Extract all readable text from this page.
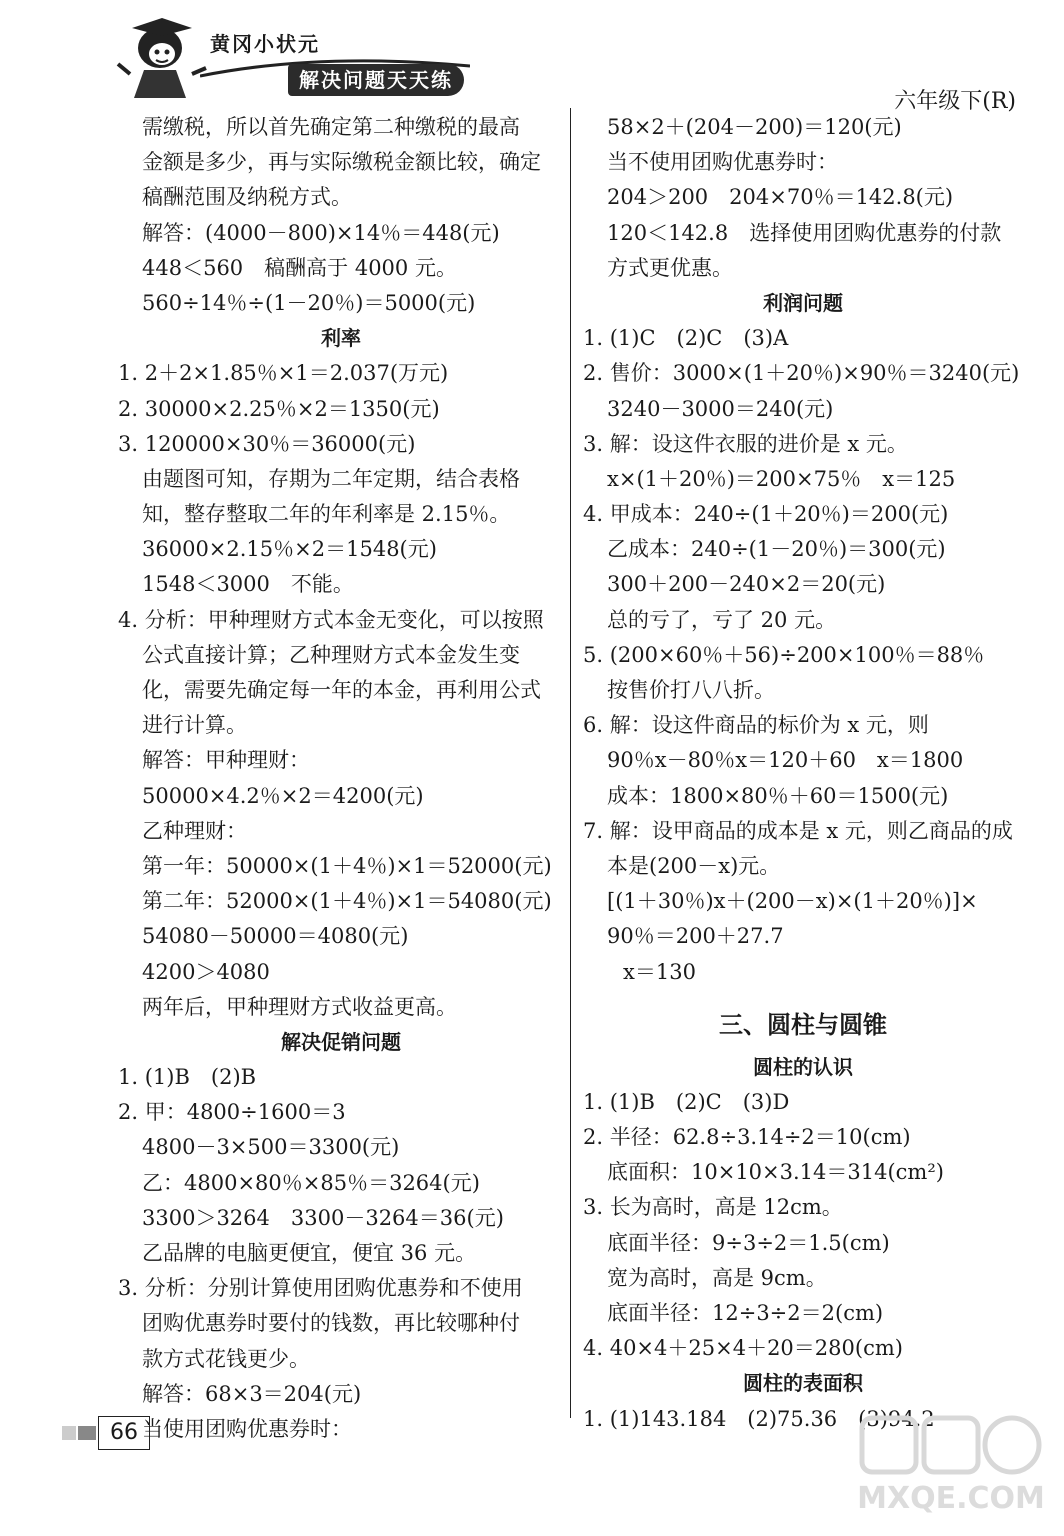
黄冈小状元
解决问题天天练
六年级下(R)
需缴税，所以首先确定第二种缴税的最高
金额是多少，再与实际缴税金额比较，确定
稿酬范围及纳税方式。
解答：(4000－800)×14％＝448(元)
448＜560　稿酬高于 4000 元。
560÷14％÷(1－20％)＝5000(元)
利率
1. 2＋2×1.85％×1＝2.037(万元)
2. 30000×2.25％×2＝1350(元)
3. 120000×30％＝36000(元)
由题图可知，存期为二年定期，结合表格
知，整存整取二年的年利率是 2.15％。
36000×2.15％×2＝1548(元)
1548＜3000　不能。
4. 分析：甲种理财方式本金无变化，可以按照
公式直接计算；乙种理财方式本金发生变
化，需要先确定每一年的本金，再利用公式
进行计算。
解答：甲种理财：
50000×4.2％×2＝4200(元)
乙种理财：
第一年：50000×(1＋4％)×1＝52000(元)
第二年：52000×(1＋4％)×1＝54080(元)
54080－50000＝4080(元)
4200＞4080
两年后，甲种理财方式收益更高。
解决促销问题
1. (1)B　(2)B
2. 甲：4800÷1600＝3
4800－3×500＝3300(元)
乙：4800×80％×85％＝3264(元)
3300＞3264　3300－3264＝36(元)
乙品牌的电脑更便宜，便宜 36 元。
3. 分析：分别计算使用团购优惠券和不使用
团购优惠券时要付的钱数，再比较哪种付
款方式花钱更少。
解答：68×3＝204(元)
当使用团购优惠券时：
58×2＋(204－200)＝120(元)
当不使用团购优惠券时：
204＞200　204×70％＝142.8(元)
120＜142.8　选择使用团购优惠券的付款
方式更优惠。
利润问题
1. (1)C　(2)C　(3)A
2. 售价：3000×(1＋20％)×90％＝3240(元)
3240－3000＝240(元)
3. 解：设这件衣服的进价是 x 元。
x×(1＋20％)＝200×75％　x＝125
4. 甲成本：240÷(1＋20％)＝200(元)
乙成本：240÷(1－20％)＝300(元)
300＋200－240×2＝20(元)
总的亏了，亏了 20 元。
5. (200×60％＋56)÷200×100％＝88％
按售价打八八折。
6. 解：设这件商品的标价为 x 元，则
90％x－80％x＝120＋60　x＝1800
成本：1800×80％＋60＝1500(元)
7. 解：设甲商品的成本是 x 元，则乙商品的成
本是(200－x)元。
[(1＋30％)x＋(200－x)×(1＋20％)]×
90％＝200＋27.7
x＝130
三、圆柱与圆锥
圆柱的认识
1. (1)B　(2)C　(3)D
2. 半径：62.8÷3.14÷2＝10(cm)
底面积：10×10×3.14＝314(cm²)
3. 长为高时，高是 12cm。
底面半径：9÷3÷2＝1.5(cm)
宽为高时，高是 9cm。
底面半径：12÷3÷2＝2(cm)
4. 40×4＋25×4＋20＝280(cm)
圆柱的表面积
1. (1)143.184　(2)75.36　(3)94.2
66
MXQE.COM
